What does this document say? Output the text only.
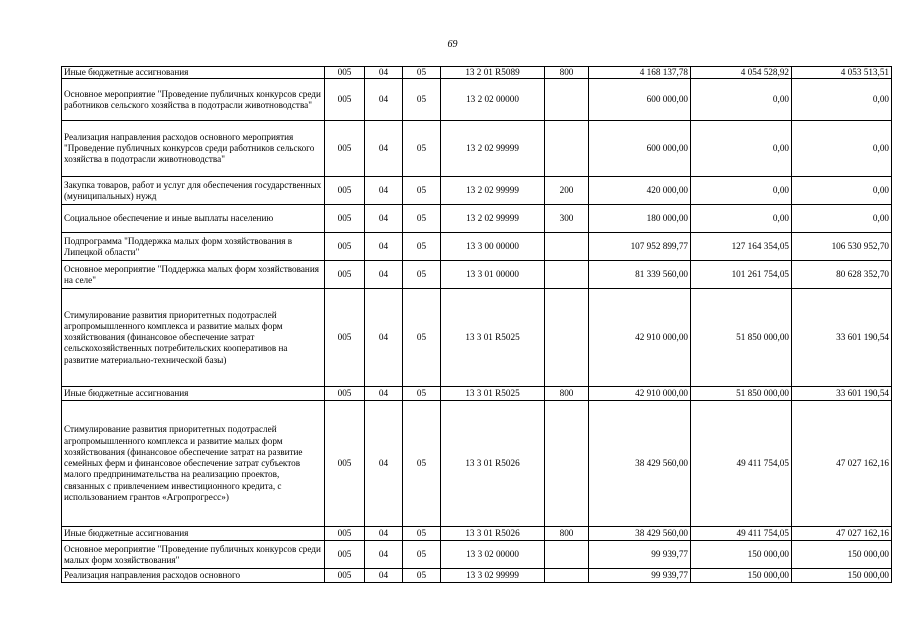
69
Иные бюджетные ассигнования	005	04	05	13 2 01 R5089	800	4 168 137,78	4 054 528,92	4 053 513,51
Основное мероприятие "Проведение публичных конкурсов среди работников сельского хозяйства в подотрасли животноводства"	005	04	05	13 2 02 00000		600 000,00	0,00	0,00
Реализация направления расходов основного мероприятия "Проведение публичных конкурсов среди работников сельского хозяйства в подотрасли животноводства"	005	04	05	13 2 02 99999		600 000,00	0,00	0,00
Закупка товаров, работ и услуг для обеспечения государственных (муниципальных) нужд	005	04	05	13 2 02 99999	200	420 000,00	0,00	0,00
Социальное обеспечение и иные выплаты населению	005	04	05	13 2 02 99999	300	180 000,00	0,00	0,00
Подпрограмма "Поддержка малых форм хозяйствования в Липецкой области"	005	04	05	13 3 00 00000		107 952 899,77	127 164 354,05	106 530 952,70
Основное мероприятие "Поддержка малых форм хозяйствования на селе"	005	04	05	13 3 01 00000		81 339 560,00	101 261 754,05	80 628 352,70
Стимулирование развития приоритетных подотраслей агропромышленного комплекса и развитие малых форм хозяйствования (финансовое обеспечение затрат сельскохозяйственных потребительских кооперативов на развитие материально-технической базы)	005	04	05	13 3 01 R5025		42 910 000,00	51 850 000,00	33 601 190,54
Иные бюджетные ассигнования	005	04	05	13 3 01 R5025	800	42 910 000,00	51 850 000,00	33 601 190,54
Стимулирование развития приоритетных подотраслей агропромышленного комплекса и развитие малых форм хозяйствования (финансовое обеспечение затрат на развитие семейных ферм и финансовое обеспечение затрат субъектов малого предпринимательства на реализацию проектов, связанных с привлечением инвестиционного кредита, с использованием грантов «Агропрогресс»)	005	04	05	13 3 01 R5026		38 429 560,00	49 411 754,05	47 027 162,16
Иные бюджетные ассигнования	005	04	05	13 3 01 R5026	800	38 429 560,00	49 411 754,05	47 027 162,16
Основное мероприятие "Проведение публичных конкурсов среди малых форм хозяйствования"	005	04	05	13 3 02 00000		99 939,77	150 000,00	150 000,00
Реализация направления расходов основного	005	04	05	13 3 02 99999		99 939,77	150 000,00	150 000,00
